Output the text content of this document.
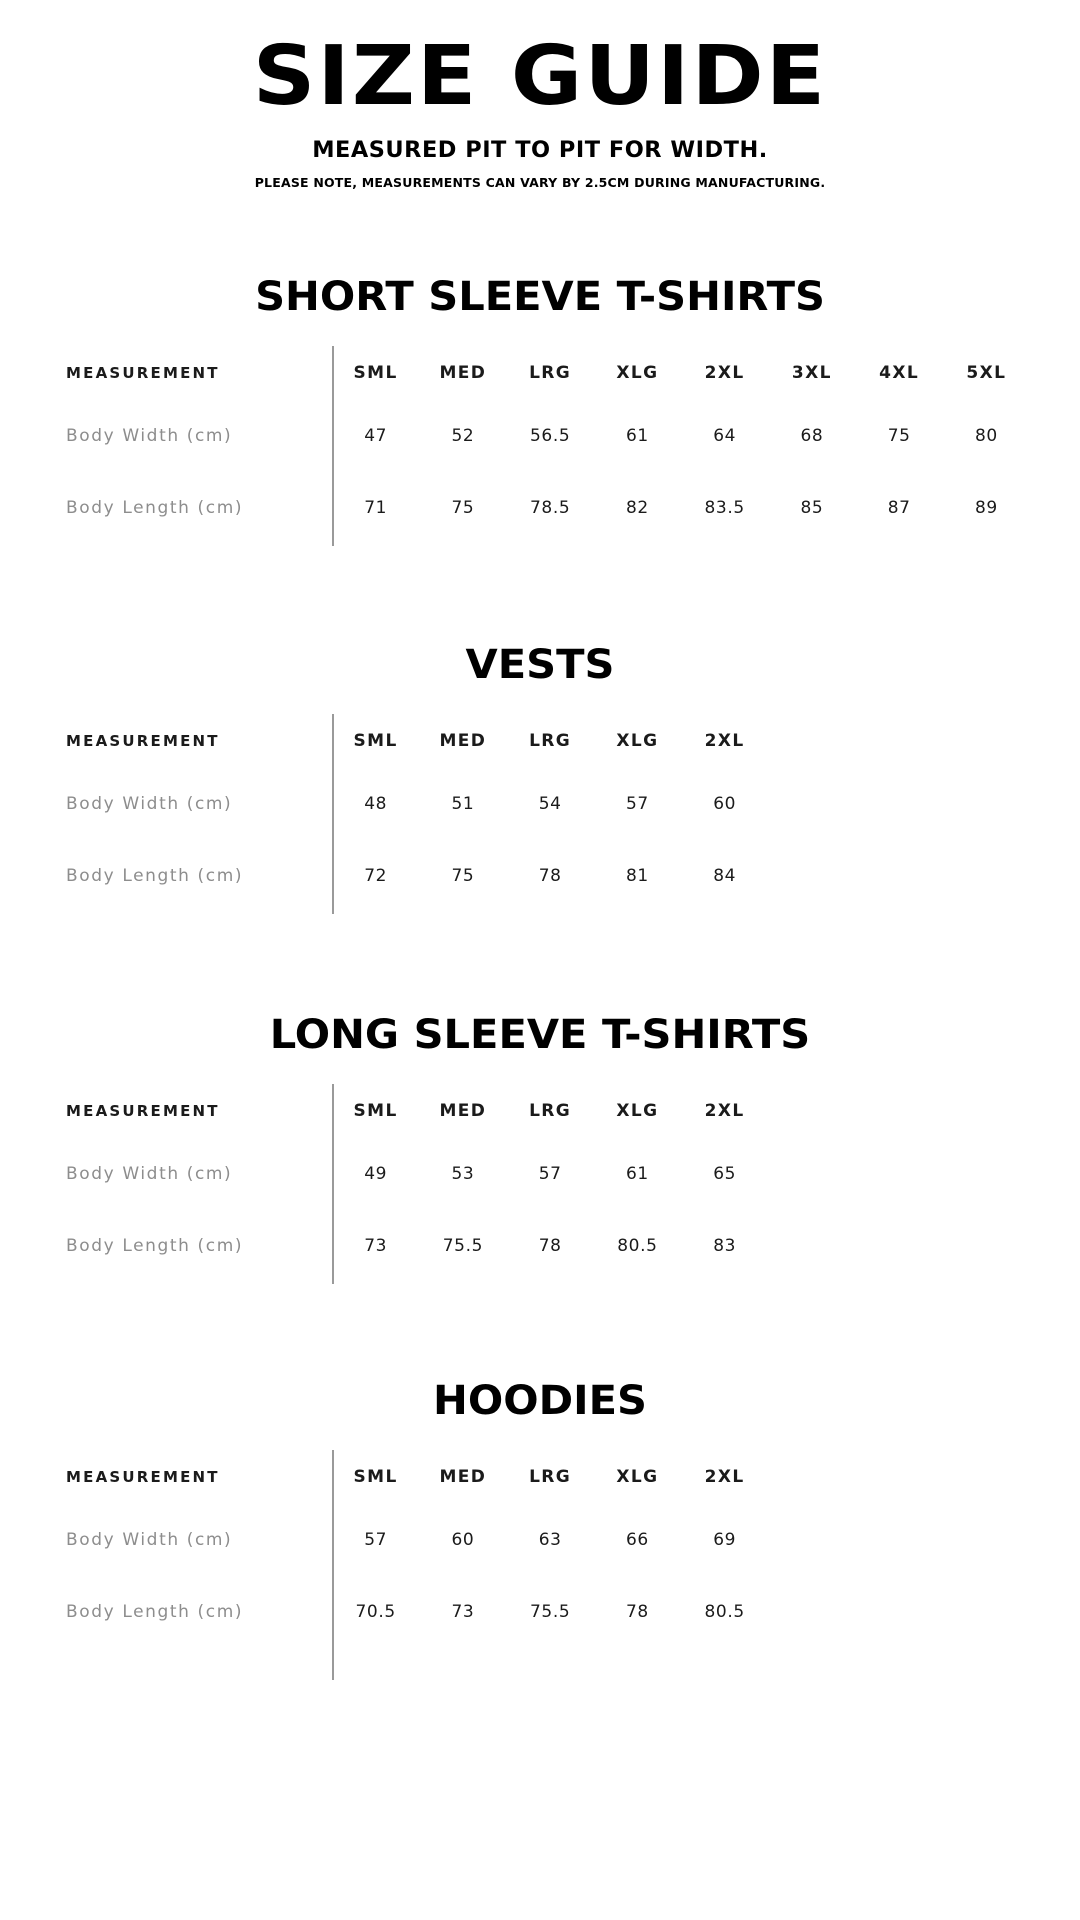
SIZE GUIDE

MEASURED PIT TO PIT FOR WIDTH.

PLEASE NOTE, MEASUREMENTS CAN VARY BY 2.5CM DURING MANUFACTURING.

SHORT SLEEVE T-SHIRTS
MEASUREMENT	SML	MED	LRG	XLG	2XL	3XL	4XL	5XL
Body Width (cm)	47	52	56.5	61	64	68	75	80
Body Length (cm)	71	75	78.5	82	83.5	85	87	89
VESTS
MEASUREMENT	SML	MED	LRG	XLG	2XL			
Body Width (cm)	48	51	54	57	60			
Body Length (cm)	72	75	78	81	84			
LONG SLEEVE T-SHIRTS
MEASUREMENT	SML	MED	LRG	XLG	2XL			
Body Width (cm)	49	53	57	61	65			
Body Length (cm)	73	75.5	78	80.5	83			
HOODIES
MEASUREMENT	SML	MED	LRG	XLG	2XL			
Body Width (cm)	57	60	63	66	69			
Body Length (cm)	70.5	73	75.5	78	80.5			
